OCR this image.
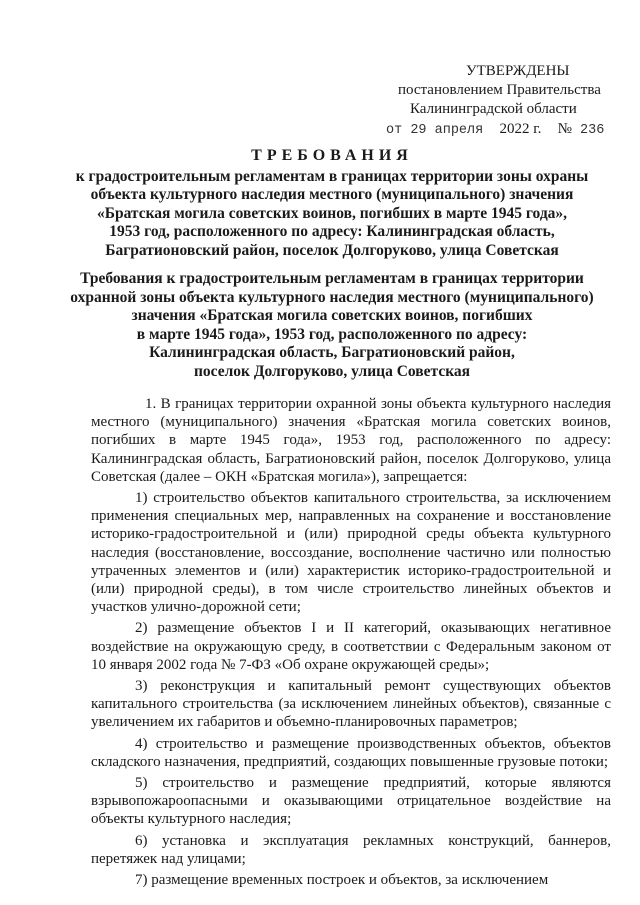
УТВЕРЖДЕНЫ
постановлением Правительства
Калининградской области
от 29 апреля 2022 г. № 236
ТРЕБОВАНИЯ
к градостроительным регламентам в границах территории зоны охраны
объекта культурного наследия местного (муниципального) значения
«Братская могила советских воинов, погибших в марте 1945 года»,
1953 год, расположенного по адресу: Калининградская область,
Багратионовский район, поселок Долгоруково, улица Советская
Требования к градостроительным регламентам в границах территории
охранной зоны объекта культурного наследия местного (муниципального)
значения «Братская могила советских воинов, погибших
в марте 1945 года», 1953 год, расположенного по адресу:
Калининградская область, Багратионовский район,
поселок Долгоруково, улица Советская

1. В границах территории охранной зоны объекта культурного наследия местного (муниципального) значения «Братская могила советских воинов, погибших в марте 1945 года», 1953 год, расположенного по адресу: Калининградская область, Багратионовский район, поселок Долгоруково, улица Советская (далее – ОКН «Братская могила»), запрещается:

1) строительство объектов капитального строительства, за исключением применения специальных мер, направленных на сохранение и восстановление историко-градостроительной и (или) природной среды объекта культурного наследия (восстановление, воссоздание, восполнение частично или полностью утраченных элементов и (или) характеристик историко-градостроительной и (или) природной среды), в том числе строительство линейных объектов и участков улично-дорожной сети;

2) размещение объектов I и II категорий, оказывающих негативное воздействие на окружающую среду, в соответствии с Федеральным законом от 10 января 2002 года № 7-ФЗ «Об охране окружающей среды»;

3) реконструкция и капитальный ремонт существующих объектов капитального строительства (за исключением линейных объектов), связанные с увеличением их габаритов и объемно-планировочных параметров;

4) строительство и размещение производственных объектов, объектов складского назначения, предприятий, создающих повышенные грузовые потоки;

5) строительство и размещение предприятий, которые являются взрывопожароопасными и оказывающими отрицательное воздействие на объекты культурного наследия;

6) установка и эксплуатация рекламных конструкций, баннеров, перетяжек над улицами;

7) размещение временных построек и объектов, за исключением
